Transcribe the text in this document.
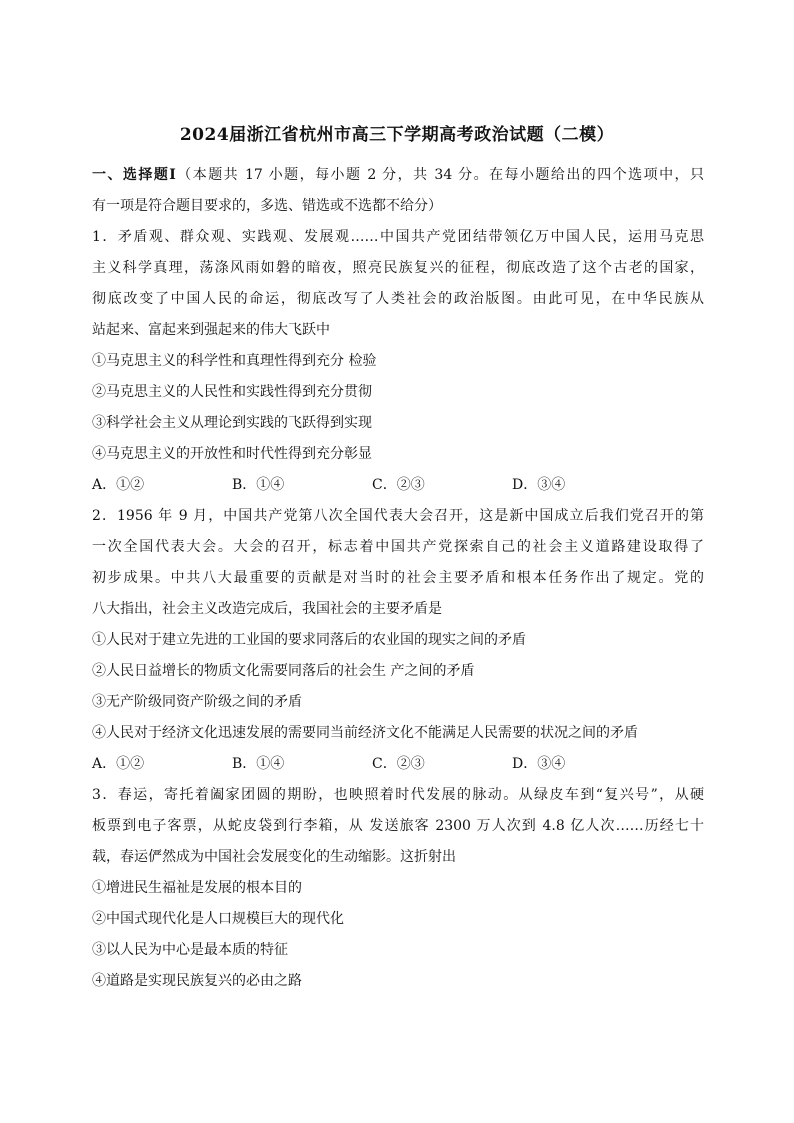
2024届浙江省杭州市高三下学期高考政治试题（二模）
一、选择题Ⅰ（本题共 17 小题，每小题 2 分，共 34 分。在每小题给出的四个选项中，只
有一项是符合题目要求的，多选、错选或不选都不给分）
1．矛盾观、群众观、实践观、发展观……中国共产党团结带领亿万中国人民，运用马克思
主义科学真理，荡涤风雨如磐的暗夜，照亮民族复兴的征程，彻底改造了这个古老的国家，
彻底改变了中国人民的命运，彻底改写了人类社会的政治版图。由此可见，在中华民族从
站起来、富起来到强起来的伟大飞跃中
①马克思主义的科学性和真理性得到充分 检验
②马克思主义的人民性和实践性得到充分贯彻
③科学社会主义从理论到实践的飞跃得到实现
④马克思主义的开放性和时代性得到充分彰显
A．①②	B．①④	C．②③	D．③④
2．1956 年 9 月，中国共产党第八次全国代表大会召开，这是新中国成立后我们党召开的第
一次全国代表大会。大会的召开，标志着中国共产党探索自己的社会主义道路建设取得了
初步成果。中共八大最重要的贡献是对当时的社会主要矛盾和根本任务作出了规定。党的
八大指出，社会主义改造完成后，我国社会的主要矛盾是
①人民对于建立先进的工业国的要求同落后的农业国的现实之间的矛盾
②人民日益增长的物质文化需要同落后的社会生 产之间的矛盾
③无产阶级同资产阶级之间的矛盾
④人民对于经济文化迅速发展的需要同当前经济文化不能满足人民需要的状况之间的矛盾
A．①②	B．①④	C．②③	D．③④
3．春运，寄托着阖家团圆的期盼，也映照着时代发展的脉动。从绿皮车到“复兴号”，从硬
板票到电子客票，从蛇皮袋到行李箱，从 发送旅客 2300 万人次到 4.8 亿人次……历经七十
载，春运俨然成为中国社会发展变化的生动缩影。这折射出
①增进民生福祉是发展的根本目的
②中国式现代化是人口规模巨大的现代化
③以人民为中心是最本质的特征
④道路是实现民族复兴的必由之路
